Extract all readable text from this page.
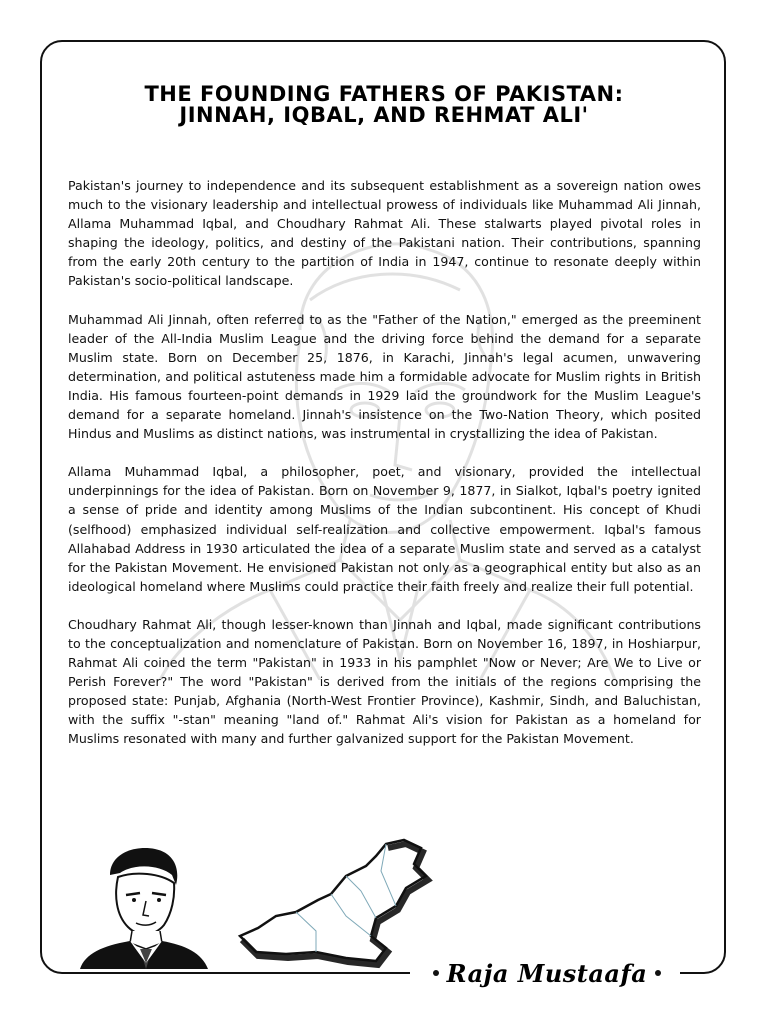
THE FOUNDING FATHERS OF PAKISTAN:
JINNAH, IQBAL, AND REHMAT ALI'

Pakistan's journey to independence and its subsequent establishment as a sovereign nation owes much to the visionary leadership and intellectual prowess of individuals like Muhammad Ali Jinnah, Allama Muhammad Iqbal, and Choudhary Rahmat Ali. These stalwarts played pivotal roles in shaping the ideology, politics, and destiny of the Pakistani nation. Their contributions, spanning from the early 20th century to the partition of India in 1947, continue to resonate deeply within Pakistan's socio-political landscape.

Muhammad Ali Jinnah, often referred to as the "Father of the Nation," emerged as the preeminent leader of the All-India Muslim League and the driving force behind the demand for a separate Muslim state. Born on December 25, 1876, in Karachi, Jinnah's legal acumen, unwavering determination, and political astuteness made him a formidable advocate for Muslim rights in British India. His famous fourteen-point demands in 1929 laid the groundwork for the Muslim League's demand for a separate homeland. Jinnah's insistence on the Two-Nation Theory, which posited Hindus and Muslims as distinct nations, was instrumental in crystallizing the idea of Pakistan.

Allama Muhammad Iqbal, a philosopher, poet, and visionary, provided the intellectual underpinnings for the idea of Pakistan. Born on November 9, 1877, in Sialkot, Iqbal's poetry ignited a sense of pride and identity among Muslims of the Indian subcontinent. His concept of Khudi (selfhood) emphasized individual self-realization and collective empowerment. Iqbal's famous Allahabad Address in 1930 articulated the idea of a separate Muslim state and served as a catalyst for the Pakistan Movement. He envisioned Pakistan not only as a geographical entity but also as an ideological homeland where Muslims could practice their faith freely and realize their full potential.

Choudhary Rahmat Ali, though lesser-known than Jinnah and Iqbal, made significant contributions to the conceptualization and nomenclature of Pakistan. Born on November 16, 1897, in Hoshiarpur, Rahmat Ali coined the term "Pakistan" in 1933 in his pamphlet "Now or Never; Are We to Live or Perish Forever?" The word "Pakistan" is derived from the initials of the regions comprising the proposed state: Punjab, Afghania (North-West Frontier Province), Kashmir, Sindh, and Baluchistan, with the suffix "-stan" meaning "land of." Rahmat Ali's vision for Pakistan as a homeland for Muslims resonated with many and further galvanized support for the Pakistan Movement.

Raja Mustaafa
